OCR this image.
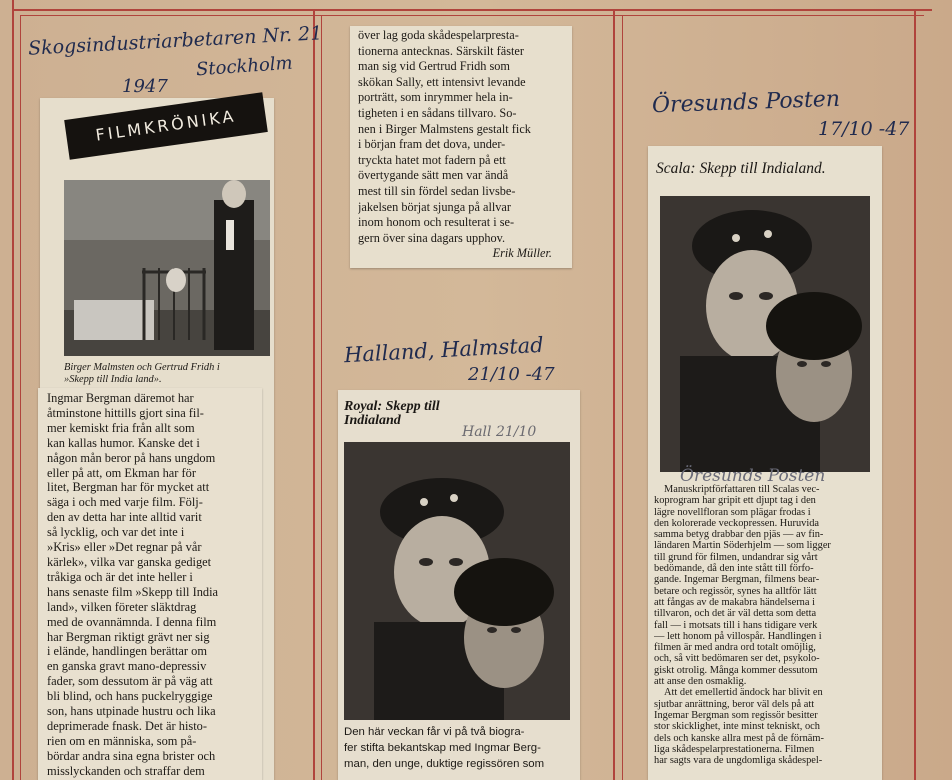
Skogsindustriarbetaren Nr. 21
Stockholm
1947
Halland, Halmstad
21/10 -47
Öresunds Posten
17/10 -47
FILMKRÖNIKA
Birger Malmsten och Gertrud Fridh i
»Skepp till India land».
Ingmar Bergman däremot har
åtminstone hittills gjort sina fil-
mer kemiskt fria från allt som
kan kallas humor. Kanske det i
någon mån beror på hans ungdom
eller på att, om Ekman har för
litet, Bergman har för mycket att
säga i och med varje film. Följ-
den av detta har inte alltid varit
så lycklig, och var det inte i
»Kris» eller »Det regnar på vår
kärlek», vilka var ganska gediget
tråkiga och är det inte heller i
hans senaste film »Skepp till India
land», vilken företer släktdrag
med de ovannämnda. I denna film
har Bergman riktigt grävt ner sig
i elände, handlingen berättar om
en ganska gravt mano-depressiv
fader, som dessutom är på väg att
bli blind, och hans puckelryggige
son, hans utpinade hustru och lika
deprimerade fnask. Det är histo-
rien om en människa, som på-
bördar andra sina egna brister och
misslyckanden och straffar dem
över lag goda skådespelarpresta-
tionerna antecknas. Särskilt fäster
man sig vid Gertrud Fridh som
skökan Sally, ett intensivt levande
porträtt, som inrymmer hela in-
tigheten i en sådans tillvaro. So-
nen i Birger Malmstens gestalt fick
i början fram det dova, under-
tryckta hatet mot fadern på ett
övertygande sätt men var ändå
mest till sin fördel sedan livsbe-
jakelsen börjat sjunga på allvar
inom honom och resulterat i se-
gern över sina dagars upphov.
Erik Müller.
Royal: Skepp till
Indialand
Hall 21/10
Den här veckan får vi på två biogra-
fer stifta bekantskap med Ingmar Berg-
man, den unge, duktige regissören som
Scala: Skepp till Indialand.
Öresunds Posten
Manuskriptförfattaren till Scalas vec-
koprogram har gripit ett djupt tag i den
lägre novellfloran som plägar frodas i
den kolorerade veckopressen. Huruvida
samma betyg drabbar den pjäs — av fin-
ländaren Martin Söderhjelm — som ligger
till grund för filmen, undandrar sig vårt
bedömande, då den inte stått till förfo-
gande. Ingemar Bergman, filmens bear-
betare och regissör, synes ha alltför lätt
att fångas av de makabra händelserna i
tillvaron, och det är väl detta som detta
fall — i motsats till i hans tidigare verk
— lett honom på villospår. Handlingen i
filmen är med andra ord totalt omöjlig,
och, så vitt bedömaren ser det, psykolo-
giskt otrolig. Många kommer dessutom
att anse den osmaklig.
Att det emellertid ändock har blivit en
sjutbar anrättning, beror väl dels på att
Ingemar Bergman som regissör besitter
stor skicklighet, inte minst tekniskt, och
dels och kanske allra mest på de förnäm-
liga skådespelarprestationerna. Filmen
har sagts vara de ungdomliga skådespel-
